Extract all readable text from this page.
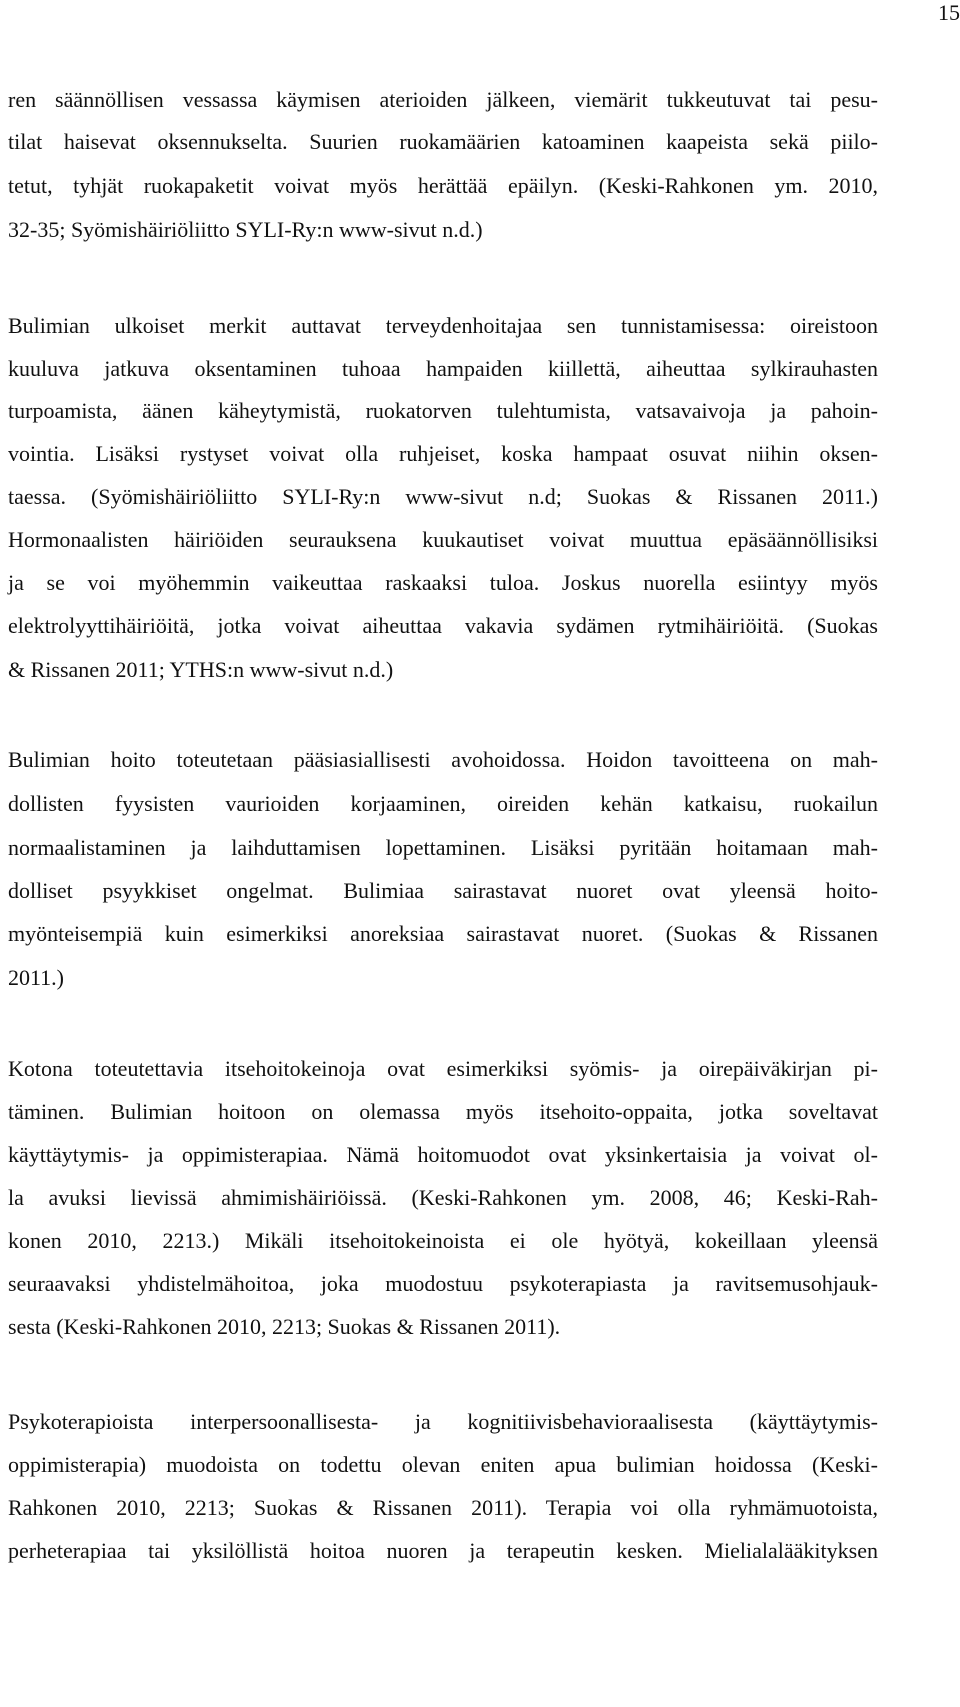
15
ren säännöllisen vessassa käymisen aterioiden jälkeen, viemärit tukkeutuvat tai pesu-
tilat haisevat oksennukselta. Suurien ruokamäärien katoaminen kaapeista sekä piilo-
tetut, tyhjät ruokapaketit voivat myös herättää epäilyn. (Keski-Rahkonen ym. 2010,
32-35; Syömishäiriöliitto SYLI-Ry:n www-sivut n.d.)
Bulimian ulkoiset merkit auttavat terveydenhoitajaa sen tunnistamisessa: oireistoon
kuuluva jatkuva oksentaminen tuhoaa hampaiden kiillettä, aiheuttaa sylkirauhasten
turpoamista, äänen käheytymistä, ruokatorven tulehtumista, vatsavaivoja ja pahoin-
vointia. Lisäksi rystyset voivat olla ruhjeiset, koska hampaat osuvat niihin oksen-
taessa. (Syömishäiriöliitto SYLI-Ry:n www-sivut n.d; Suokas & Rissanen 2011.)
Hormonaalisten häiriöiden seurauksena kuukautiset voivat muuttua epäsäännöllisiksi
ja se voi myöhemmin vaikeuttaa raskaaksi tuloa. Joskus nuorella esiintyy myös
elektrolyyttihäiriöitä, jotka voivat aiheuttaa vakavia sydämen rytmihäiriöitä. (Suokas
& Rissanen 2011; YTHS:n www-sivut n.d.)
Bulimian hoito toteutetaan pääsiasiallisesti avohoidossa. Hoidon tavoitteena on mah-
dollisten fyysisten vaurioiden korjaaminen, oireiden kehän katkaisu, ruokailun
normaalistaminen ja laihduttamisen lopettaminen. Lisäksi pyritään hoitamaan mah-
dolliset psyykkiset ongelmat. Bulimiaa sairastavat nuoret ovat yleensä hoito-
myönteisempiä kuin esimerkiksi anoreksiaa sairastavat nuoret. (Suokas & Rissanen
2011.)
Kotona toteutettavia itsehoitokeinoja ovat esimerkiksi syömis- ja oirepäiväkirjan pi-
täminen. Bulimian hoitoon on olemassa myös itsehoito-oppaita, jotka soveltavat
käyttäytymis- ja oppimisterapiaa. Nämä hoitomuodot ovat yksinkertaisia ja voivat ol-
la avuksi lievissä ahmimishäiriöissä. (Keski-Rahkonen ym. 2008, 46; Keski-Rah-
konen 2010, 2213.) Mikäli itsehoitokeinoista ei ole hyötyä, kokeillaan yleensä
seuraavaksi yhdistelmähoitoa, joka muodostuu psykoterapiasta ja ravitsemusohjauk-
sesta (Keski-Rahkonen 2010, 2213; Suokas & Rissanen 2011).
Psykoterapioista interpersoonallisesta- ja kognitiivisbehavioraalisesta (käyttäytymis-
oppimisterapia) muodoista on todettu olevan eniten apua bulimian hoidossa (Keski-
Rahkonen 2010, 2213; Suokas & Rissanen 2011). Terapia voi olla ryhmämuotoista,
perheterapiaa tai yksilöllistä hoitoa nuoren ja terapeutin kesken. Mielialalääkityksen
